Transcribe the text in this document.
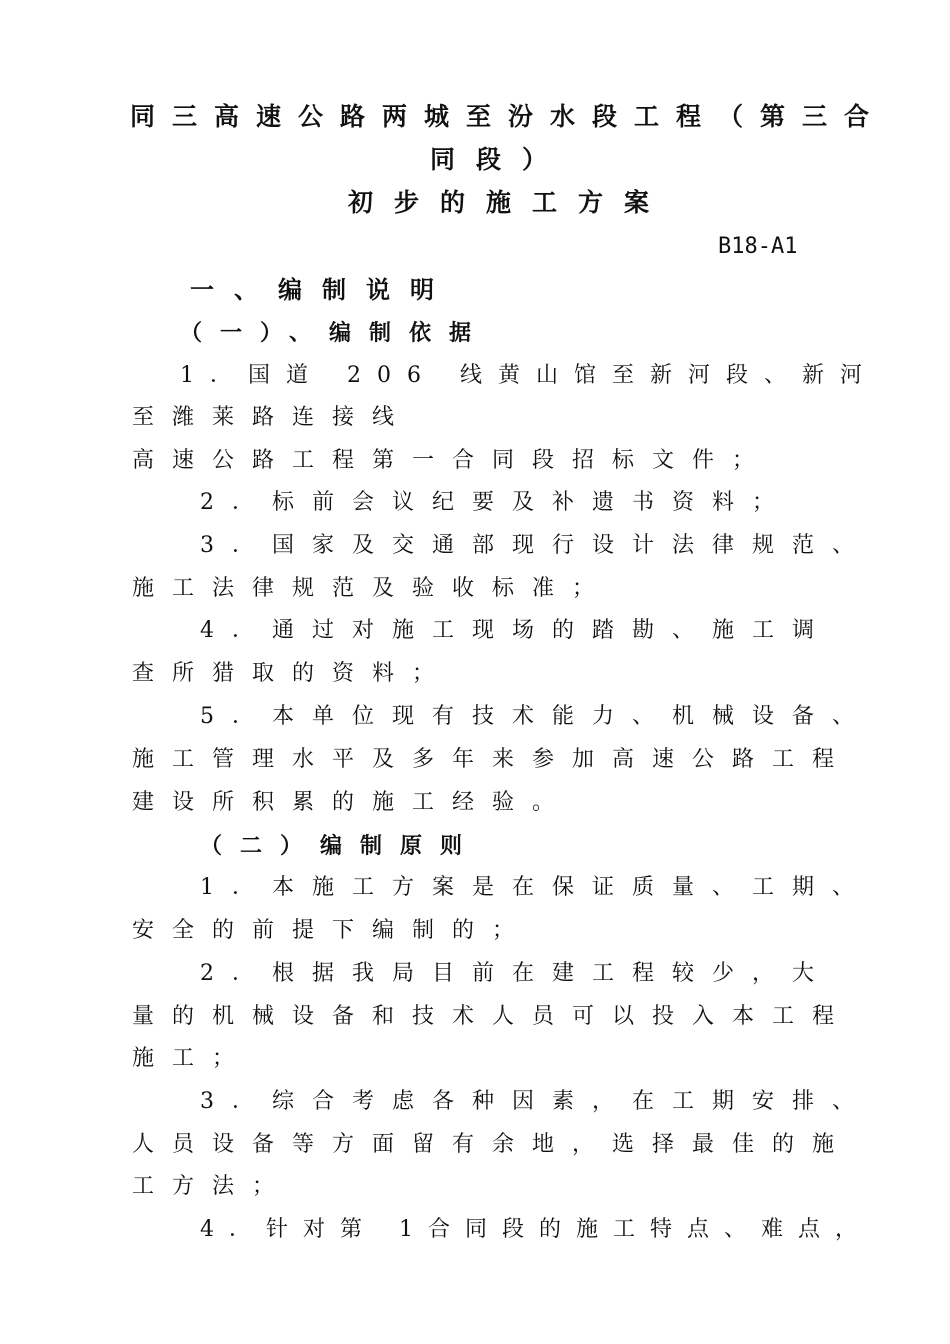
同三高速公路两城至汾水段工程（第三合
同段）
初步的施工方案
B18-A1
一、编制说明
（一）、编制依据
1．国道 206 线黄山馆至新河段、新河
至潍莱路连接线
高速公路工程第一合同段招标文件；
2．标前会议纪要及补遗书资料；
3．国家及交通部现行设计法律规范、
施工法律规范及验收标准；
4．通过对施工现场的踏勘、施工调
查所猎取的资料；
5．本单位现有技术能力、机械设备、
施工管理水平及多年来参加高速公路工程
建设所积累的施工经验。
（二）编制原则
1．本施工方案是在保证质量、工期、
安全的前提下编制的；
2．根据我局目前在建工程较少，大
量的机械设备和技术人员可以投入本工程
施工；
3．综合考虑各种因素，在工期安排、
人员设备等方面留有余地，选择最佳的施
工方法；
4．针对第 1合同段的施工特点、难点，
